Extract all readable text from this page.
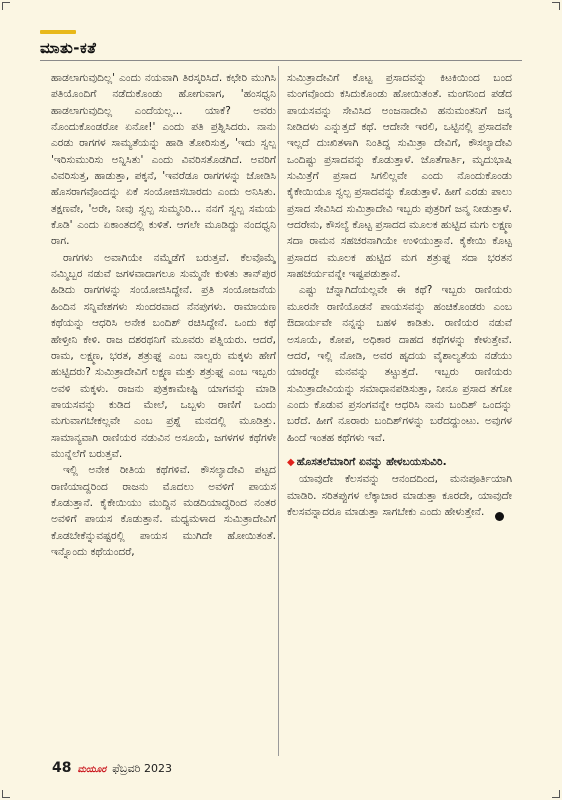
ಮಾತು-ಕತೆ

ಹಾಡಲಾಗುವುದಿಲ್ಲ' ಎಂದು ನಯವಾಗಿ ತಿರಸ್ಕರಿಸಿದೆ. ಕಛೇರಿ ಮುಗಿಸಿ ಪತಿಯೊಂದಿಗೆ ನಡೆದುಕೊಂಡು ಹೋಗುವಾಗ, 'ಹಂಸಧ್ವನಿ ಹಾಡಲಾಗುವುದಿಲ್ಲ ಎಂದೆಯಲ್ಲ... ಯಾಕೆ? ಅವರು ನೊಂದುಕೊಂಡರೋ ಏನೋ!' ಎಂದು ಪತಿ ಪ್ರಶ್ನಿಸಿದರು. ನಾನು ಎರಡು ರಾಗಗಳ ಸಾಮ್ಯತೆಯನ್ನು ಹಾಡಿ ತೋರಿಸುತ್ತ, 'ಇದು ಸ್ವಲ್ಪ 'ಇರಿಸುಮುರಿಸು ಅನ್ನಿಸಿತು' ಎಂದು ವಿವರಿಸತೊಡಗಿದೆ. ಅವರಿಗೆ ವಿವರಿಸುತ್ತ, ಹಾಡುತ್ತಾ, ಪಕ್ಕನೆ, 'ಇವರೆಡೂ ರಾಗಗಳನ್ನು ಜೋಡಿಸಿ ಹೊಸರಾಗವೊಂದನ್ನು ಏಕೆ ಸಂಯೋಜಿಸಬಾರದು ಎಂದು ಅನಿಸಿತು. ತಕ್ಷಣವೇ, 'ಅರೇ, ನೀವು ಸ್ವಲ್ಪ ಸುಮ್ಮನಿರಿ... ನನಗೆ ಸ್ವಲ್ಪ ಸಮಯ ಕೊಡಿ' ಎಂದು ಏಕಾಂತದಲ್ಲಿ ಕುಳಿತೆ. ಆಗಲೇ ಮೂಡಿದ್ದು ನಂದಧ್ವನಿ ರಾಗ.

ರಾಗಗಳು ಅವಾಗಿಯೇ ನಮ್ಮೆಡೆಗೆ ಬರುತ್ತವೆ. ಕೆಲವೊಮ್ಮೆ ನಮ್ಮಿಬ್ಬರ ನಡುವೆ ಜಗಳವಾದಾಗಲೂ ಸುಮ್ಮನೇ ಕುಳಿತು ತಾನ್‌ಪುರ ಹಿಡಿದು ರಾಗಗಳನ್ನು ಸಂಯೋಜಿಸಿದ್ದೇನೆ. ಪ್ರತಿ ಸಂಯೋಜನೆಯ ಹಿಂದಿನ ಸನ್ನಿವೇಶಗಳು ಸುಂದರವಾದ ನೆನಪುಗಳು. ರಾಮಾಯಣ ಕಥೆಯನ್ನು ಆಧರಿಸಿ ಅನೇಕ ಬಂದಿಶ್ ರಚಿಸಿದ್ದೇನೆ. ಒಂದು ಕಥೆ ಹೇಳ್ತೀನಿ ಕೇಳಿ. ರಾಜ ದಶರಥನಿಗೆ ಮೂವರು ಪತ್ನಿಯರು. ಆದರೆ, ರಾಮ, ಲಕ್ಷ್ಮಣ, ಭರತ, ಶತ್ರುಘ್ನ ಎಂಬ ನಾಲ್ವರು ಮಕ್ಕಳು ಹೇಗೆ ಹುಟ್ಟಿದರು? ಸುಮಿತ್ರಾದೇವಿಗೆ ಲಕ್ಷ್ಮಣ ಮತ್ತು ಶತ್ರುಘ್ನ ಎಂಬ ಇಬ್ಬರು ಅವಳಿ ಮಕ್ಕಳು. ರಾಜನು ಪುತ್ರಕಾಮೇಷ್ಟಿ ಯಾಗವನ್ನು ಮಾಡಿ ಪಾಯಸವನ್ನು ಕುಡಿದ ಮೇಲೆ, ಒಬ್ಬಳು ರಾಣಿಗೆ ಒಂದು ಮಗುವಾಗಬೇಕಲ್ಲವೇ ಎಂಬ ಪ್ರಶ್ನೆ ಮನದಲ್ಲಿ ಮೂಡಿತ್ತು. ಸಾಮಾನ್ಯವಾಗಿ ರಾಣಿಯರ ನಡುವಿನ ಅಸೂಯೆ, ಜಗಳಗಳ ಕಥೆಗಳೇ ಮುನ್ನೆಲೆಗೆ ಬರುತ್ತವೆ.

ಇಲ್ಲಿ ಅನೇಕ ರೀತಿಯ ಕಥೆಗಳಿವೆ. ಕೌಸಲ್ಯಾದೇವಿ ಪಟ್ಟದ ರಾಣಿಯಾದ್ದರಿಂದ ರಾಜನು ಮೊದಲು ಅವಳಿಗೆ ಪಾಯಸ ಕೊಡುತ್ತಾನೆ. ಕೈಕೇಯಿಯು ಮುದ್ದಿನ ಮಡದಿಯಾದ್ದರಿಂದ ನಂತರ ಅವಳಿಗೆ ಪಾಯಸ ಕೊಡುತ್ತಾನೆ. ಮಧ್ಯಮಳಾದ ಸುಮಿತ್ರಾದೇವಿಗೆ ಕೊಡಬೇಕೆನ್ನುವಷ್ಟರಲ್ಲಿ ಪಾಯಸ ಮುಗಿದೇ ಹೋಯಿತಂತೆ. ಇನ್ನೊಂದು ಕಥೆಯಂದರೆ,

ಸುಮಿತ್ರಾದೇವಿಗೆ ಕೊಟ್ಟ ಪ್ರಸಾದವನ್ನು ಕಿಟಕಿಯಿಂದ ಬಂದ ಮಂಗವೊಂದು ಕಸಿದುಕೊಂಡು ಹೋಯಿತಂತೆ. ಮಂಗನಿಂದ ಪಡೆದ ಪಾಯಸವನ್ನು ಸೇವಿಸಿದ ಅಂಜನಾದೇವಿ ಹನುಮಂತನಿಗೆ ಜನ್ಮ ನೀಡಿದಳು ಎನ್ನುತ್ತದೆ ಕಥೆ. ಆದೇನೇ ಇರಲಿ, ಒಟ್ಟಿನಲ್ಲಿ ಪ್ರಸಾದವೇ ಇಲ್ಲದೆ ದುಃಖಿತಳಾಗಿ ನಿಂತಿದ್ದ ಸುಮಿತ್ರಾ ದೇವಿಗೆ, ಕೌಸಲ್ಯಾದೇವಿ ಒಂದಿಷ್ಟು ಪ್ರಸಾದವನ್ನು ಕೊಡುತ್ತಾಳೆ. ಜೊತೆಗಾರ್ತಿ, ಮೃದುಭಾಷಿ ಸುಮಿತ್ರೆಗೆ ಪ್ರಸಾದ ಸಿಗಲಿಲ್ಲವೇ ಎಂದು ನೊಂದುಕೊಂಡು ಕೈಕೇಯಿಯೂ ಸ್ವಲ್ಪ ಪ್ರಸಾದವನ್ನು ಕೊಡುತ್ತಾಳೆ. ಹೀಗೆ ಎರಡು ಪಾಲು ಪ್ರಸಾದ ಸೇವಿಸಿದ ಸುಮಿತ್ರಾದೇವಿ ಇಬ್ಬರು ಪುತ್ರರಿಗೆ ಜನ್ಮ ನೀಡುತ್ತಾಳೆ. ಆದರೇನು, ಕೌಸಲ್ಯೆ ಕೊಟ್ಟ ಪ್ರಸಾದದ ಮೂಲಕ ಹುಟ್ಟಿದ ಮಗು ಲಕ್ಷ್ಮಣ ಸದಾ ರಾಮನ ಸಹಚರನಾಗಿಯೇ ಉಳಿಯುತ್ತಾನೆ. ಕೈಕೇಯಿ ಕೊಟ್ಟ ಪ್ರಸಾದದ ಮೂಲಕ ಹುಟ್ಟಿದ ಮಗ ಶತ್ರುಘ್ನ ಸದಾ ಭರತನ ಸಾಹಚರ್ಯವನ್ನೇ ಇಷ್ಟಪಡುತ್ತಾನೆ.

ಎಷ್ಟು ಚೆನ್ನಾಗಿದೆಯಲ್ಲವೇ ಈ ಕಥೆ? ಇಬ್ಬರು ರಾಣಿಯರು ಮೂರನೇ ರಾಣಿಯೊಡನೆ ಪಾಯಸವನ್ನು ಹಂಚಿಕೊಂಡರು ಎಂಬ ಔದಾರ್ಯವೇ ನನ್ನನ್ನು ಬಹಳ ಕಾಡಿತು. ರಾಣಿಯರ ನಡುವೆ ಅಸೂಯೆ, ಕೋಪ, ಅಧಿಕಾರ ದಾಹದ ಕಥೆಗಳನ್ನು ಕೇಳುತ್ತೇವೆ. ಆದರೆ, ಇಲ್ಲಿ ನೋಡಿ, ಅವರ ಹೃದಯ ವೈಶಾಲ್ಯತೆಯ ನಡೆಯು ಯಾರದ್ದೇ ಮನವನ್ನು ತಟ್ಟುತ್ತದೆ. ಇಬ್ಬರು ರಾಣಿಯರು ಸುಮಿತ್ರಾದೇವಿಯನ್ನು ಸಮಾಧಾನಪಡಿಸುತ್ತಾ, ನೀನೂ ಪ್ರಸಾದ ತಗೋ ಎಂದು ಕೊಡುವ ಪ್ರಸಂಗವನ್ನೇ ಆಧರಿಸಿ ನಾನು ಬಂದಿಶ್ ಒಂದನ್ನು ಬರೆದೆ. ಹೀಗೆ ನೂರಾರು ಬಂದಿಶ್‌ಗಳನ್ನು ಬರೆದದ್ದುಂಟು. ಅವುಗಳ ಹಿಂದೆ ಇಂತಹ ಕಥೆಗಳು ಇವೆ.

◆ ಹೊಸತಲೆಮಾರಿಗೆ ಏನನ್ನು ಹೇಳಬಯಸುವಿರಿ.

ಯಾವುದೇ ಕೆಲಸವನ್ನು ಆನಂದದಿಂದ, ಮನಃಪೂರ್ತಿಯಾಗಿ ಮಾಡಿರಿ. ಸರಿತಪ್ಪುಗಳ ಲೆಕ್ಕಾಚಾರ ಮಾಡುತ್ತಾ ಕೂರದೇ, ಯಾವುದೇ ಕೆಲಸವನ್ನಾದರೂ ಮಾಡುತ್ತಾ ಸಾಗಬೇಕು ಎಂದು ಹೇಳುತ್ತೇನೆ.

48 ಮಯೂರ ಫೆಬ್ರವರಿ 2023
